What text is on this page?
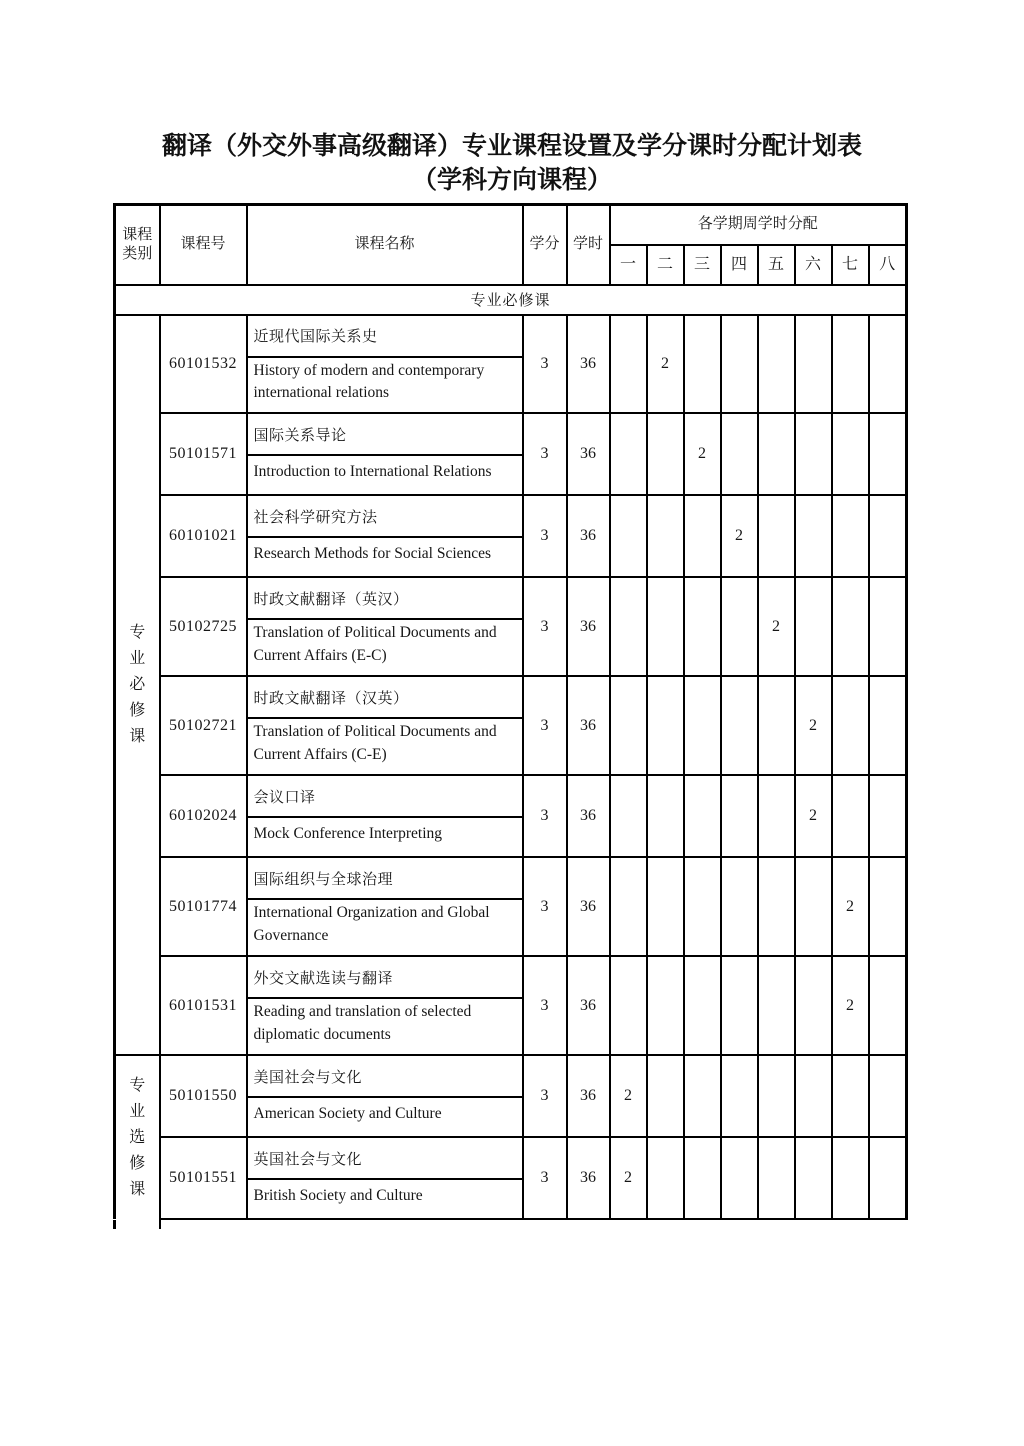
翻译（外交外事高级翻译）专业课程设置及学分课时分配计划表
（学科方向课程）
课程类别	课程号	课程名称	学分	学时	各学期周学时分配							
					一	二	三	四	五	六	七	八
专业必修课												

专业必修课	60101532	近现代国际关系史	3	36		2						
		History of modern and contemporary international relations										
	50101571	国际关系导论	3	36			2					
		Introduction to International Relations										
	60101021	社会科学研究方法	3	36				2				
		Research Methods for Social Sciences										
	50102725	时政文献翻译（英汉）	3	36					2			
		Translation of Political Documents and Current Affairs (E-C)										
	50102721	时政文献翻译（汉英）	3	36						2		
		Translation of Political Documents and Current Affairs (C-E)										
	60102024	会议口译	3	36						2		
		Mock Conference Interpreting										
	50101774	国际组织与全球治理	3	36							2	
		International Organization and Global Governance										
	60101531	外交文献选读与翻译	3	36							2	
		Reading and translation of selected diplomatic documents										

专业选修课	50101550	美国社会与文化	3	36	2							
		American Society and Culture										
	50101551	英国社会与文化	3	36	2							
		British Society and Culture										
